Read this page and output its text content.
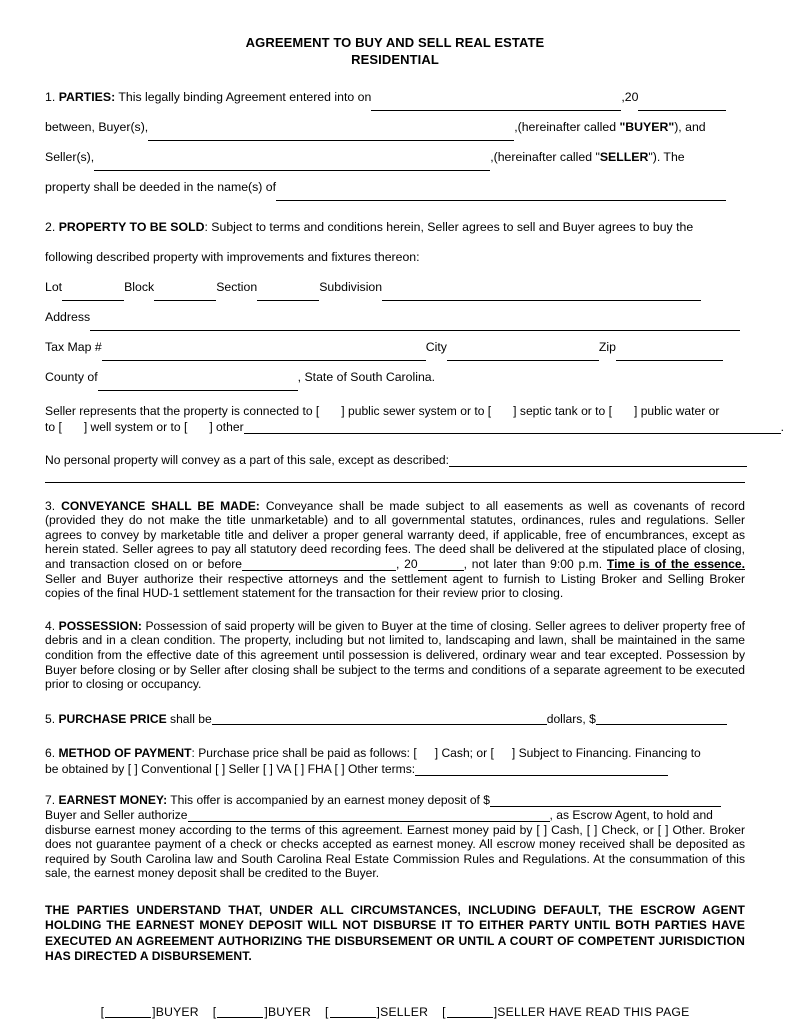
AGREEMENT TO BUY AND SELL REAL ESTATE
RESIDENTIAL
1. PARTIES: This legally binding Agreement entered into on	,20
between, Buyer(s),	,(hereinafter called "BUYER"), and
Seller(s),	,(hereinafter called "SELLER"). The
property shall be deeded in the name(s) of
2. PROPERTY TO BE SOLD: Subject to terms and conditions herein, Seller agrees to sell and Buyer agrees to buy the
following described property with improvements and fixtures thereon:
Lot	Block	Section	Subdivision
Address
Tax Map #	City	Zip
County of	, State of South Carolina.
Seller represents that the property is connected to [ ] public sewer system or to [ ] septic tank or to [ ] public water or
to [ ] well system or to [ ] other	.
No personal property will convey as a part of this sale, except as described:
3. CONVEYANCE SHALL BE MADE: Conveyance shall be made subject to all easements as well as covenants of record (provided they do not make the title unmarketable) and to all governmental statutes, ordinances, rules and regulations. Seller agrees to convey by marketable title and deliver a proper general warranty deed, if applicable, free of encumbrances, except as herein stated. Seller agrees to pay all statutory deed recording fees. The deed shall be delivered at the stipulated place of closing, and transaction closed on or before	, 20	, not later than 9:00 p.m. Time is of the essence. Seller and Buyer authorize their respective attorneys and the settlement agent to furnish to Listing Broker and Selling Broker copies of the final HUD-1 settlement statement for the transaction for their review prior to closing.
4. POSSESSION: Possession of said property will be given to Buyer at the time of closing. Seller agrees to deliver property free of debris and in a clean condition. The property, including but not limited to, landscaping and lawn, shall be maintained in the same condition from the effective date of this agreement until possession is delivered, ordinary wear and tear excepted. Possession by Buyer before closing or by Seller after closing shall be subject to the terms and conditions of a separate agreement to be executed prior to closing or occupancy.
5. PURCHASE PRICE shall be	dollars, $
6. METHOD OF PAYMENT: Purchase price shall be paid as follows: [ ] Cash; or [ ] Subject to Financing. Financing to
be obtained by [ ] Conventional [ ] Seller [ ] VA [ ] FHA [ ] Other terms:
7. EARNEST MONEY: This offer is accompanied by an earnest money deposit of $
Buyer and Seller authorize	, as Escrow Agent, to hold and
disburse earnest money according to the terms of this agreement. Earnest money paid by [ ] Cash, [ ] Check, or [ ] Other. Broker does not guarantee payment of a check or checks accepted as earnest money. All escrow money received shall be deposited as required by South Carolina law and South Carolina Real Estate Commission Rules and Regulations. At the consummation of this sale, the earnest money deposit shall be credited to the Buyer.
THE PARTIES UNDERSTAND THAT, UNDER ALL CIRCUMSTANCES, INCLUDING DEFAULT, THE ESCROW AGENT HOLDING THE EARNEST MONEY DEPOSIT WILL NOT DISBURSE IT TO EITHER PARTY UNTIL BOTH PARTIES HAVE EXECUTED AN AGREEMENT AUTHORIZING THE DISBURSEMENT OR UNTIL A COURT OF COMPETENT JURISDICTION HAS DIRECTED A DISBURSEMENT.
[	]BUYER [	]BUYER [	]SELLER [	]SELLER HAVE READ THIS PAGE
